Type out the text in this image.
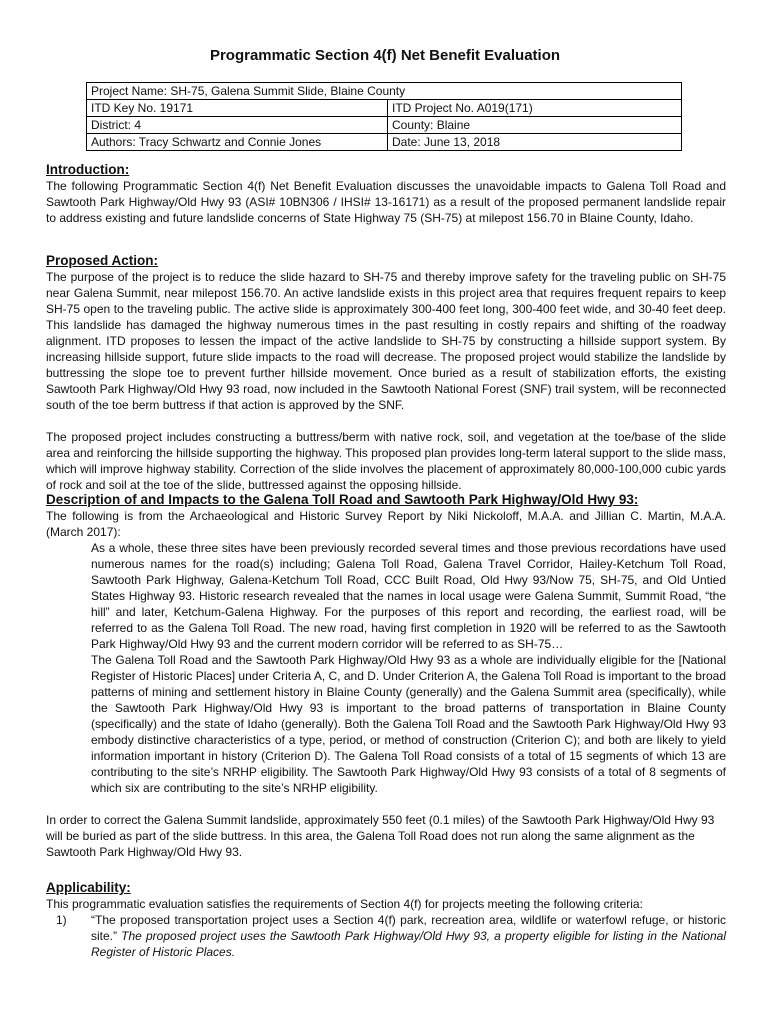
Programmatic Section 4(f) Net Benefit Evaluation
Project Name: SH-75, Galena Summit Slide, Blaine County	
ITD Key No. 19171	ITD Project No. A019(171)
District: 4	County: Blaine
Authors: Tracy Schwartz and Connie Jones	Date: June 13, 2018
Introduction:

The following Programmatic Section 4(f) Net Benefit Evaluation discusses the unavoidable impacts to Galena Toll Road and Sawtooth Park Highway/Old Hwy 93 (ASI# 10BN306 / IHSI# 13-16171) as a result of the proposed permanent landslide repair to address existing and future landslide concerns of State Highway 75 (SH-75) at milepost 156.70 in Blaine County, Idaho.

Proposed Action:

The purpose of the project is to reduce the slide hazard to SH-75 and thereby improve safety for the traveling public on SH-75 near Galena Summit, near milepost 156.70. An active landslide exists in this project area that requires frequent repairs to keep SH-75 open to the traveling public. The active slide is approximately 300-400 feet long, 300-400 feet wide, and 30-40 feet deep. This landslide has damaged the highway numerous times in the past resulting in costly repairs and shifting of the roadway alignment. ITD proposes to lessen the impact of the active landslide to SH-75 by constructing a hillside support system. By increasing hillside support, future slide impacts to the road will decrease. The proposed project would stabilize the landslide by buttressing the slope toe to prevent further hillside movement. Once buried as a result of stabilization efforts, the existing Sawtooth Park Highway/Old Hwy 93 road, now included in the Sawtooth National Forest (SNF) trail system, will be reconnected south of the toe berm buttress if that action is approved by the SNF.

The proposed project includes constructing a buttress/berm with native rock, soil, and vegetation at the toe/base of the slide area and reinforcing the hillside supporting the highway. This proposed plan provides long-term lateral support to the slide mass, which will improve highway stability. Correction of the slide involves the placement of approximately 80,000-100,000 cubic yards of rock and soil at the toe of the slide, buttressed against the opposing hillside.

Description of and Impacts to the Galena Toll Road and Sawtooth Park Highway/Old Hwy 93:

The following is from the Archaeological and Historic Survey Report by Niki Nickoloff, M.A.A. and Jillian C. Martin, M.A.A. (March 2017):

As a whole, these three sites have been previously recorded several times and those previous recordations have used numerous names for the road(s) including; Galena Toll Road, Galena Travel Corridor, Hailey-Ketchum Toll Road, Sawtooth Park Highway, Galena-Ketchum Toll Road, CCC Built Road, Old Hwy 93/Now 75, SH-75, and Old Untied States Highway 93. Historic research revealed that the names in local usage were Galena Summit, Summit Road, “the hill” and later, Ketchum-Galena Highway. For the purposes of this report and recording, the earliest road, will be referred to as the Galena Toll Road. The new road, having first completion in 1920 will be referred to as the Sawtooth Park Highway/Old Hwy 93 and the current modern corridor will be referred to as SH-75…

The Galena Toll Road and the Sawtooth Park Highway/Old Hwy 93 as a whole are individually eligible for the [National Register of Historic Places] under Criteria A, C, and D. Under Criterion A, the Galena Toll Road is important to the broad patterns of mining and settlement history in Blaine County (generally) and the Galena Summit area (specifically), while the Sawtooth Park Highway/Old Hwy 93 is important to the broad patterns of transportation in Blaine County (specifically) and the state of Idaho (generally). Both the Galena Toll Road and the Sawtooth Park Highway/Old Hwy 93 embody distinctive characteristics of a type, period, or method of construction (Criterion C); and both are likely to yield information important in history (Criterion D). The Galena Toll Road consists of a total of 15 segments of which 13 are contributing to the site’s NRHP eligibility. The Sawtooth Park Highway/Old Hwy 93 consists of a total of 8 segments of which six are contributing to the site’s NRHP eligibility.

In order to correct the Galena Summit landslide, approximately 550 feet (0.1 miles) of the Sawtooth Park Highway/Old Hwy 93 will be buried as part of the slide buttress. In this area, the Galena Toll Road does not run along the same alignment as the Sawtooth Park Highway/Old Hwy 93.

Applicability:

This programmatic evaluation satisfies the requirements of Section 4(f) for projects meeting the following criteria:

1)	“The proposed transportation project uses a Section 4(f) park, recreation area, wildlife or waterfowl refuge, or historic site.” The proposed project uses the Sawtooth Park Highway/Old Hwy 93, a property eligible for listing in the National Register of Historic Places.
